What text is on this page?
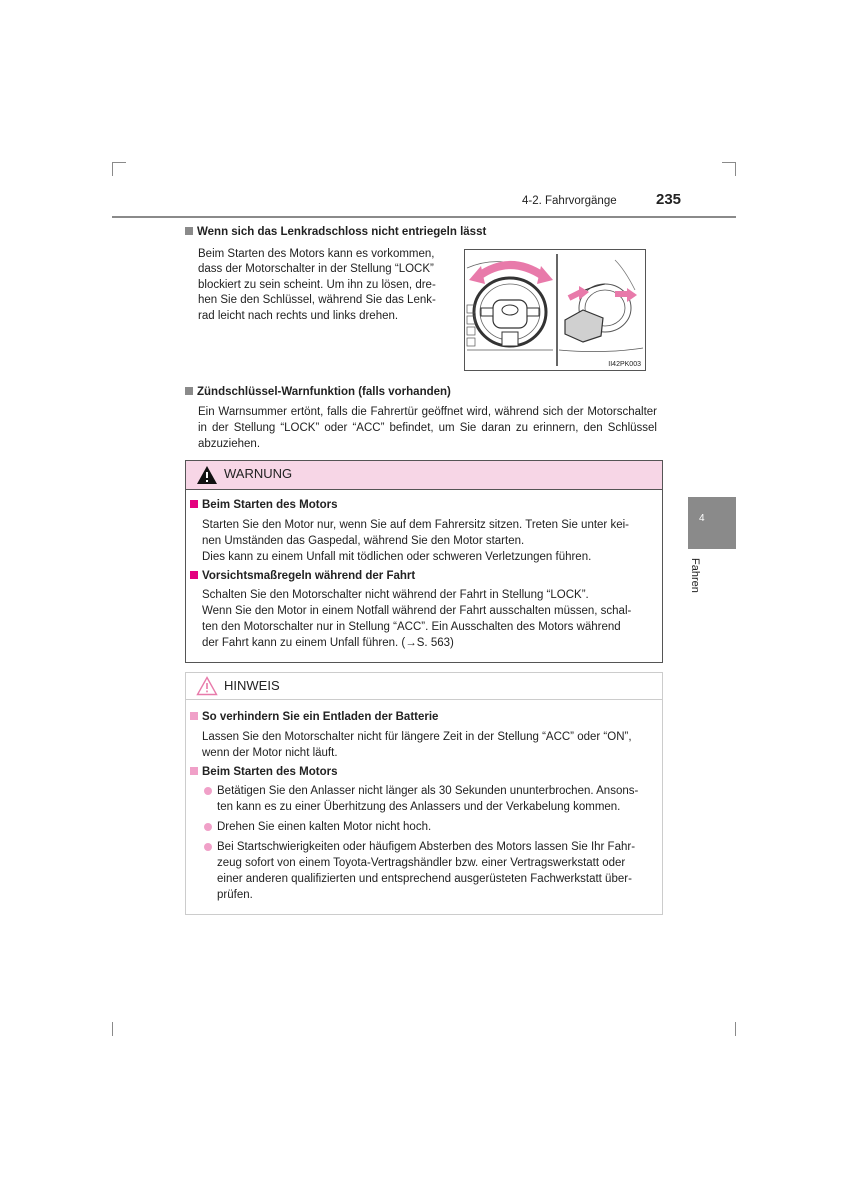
4-2. Fahrvorgänge	235
4
Fahren
Wenn sich das Lenkradschloss nicht entriegeln lässt
Beim Starten des Motors kann es vorkommen,
dass der Motorschalter in der Stellung “LOCK”
blockiert zu sein scheint. Um ihn zu lösen, dre-
hen Sie den Schlüssel, während Sie das Lenk-
rad leicht nach rechts und links drehen.
II42PK003
Zündschlüssel-Warnfunktion (falls vorhanden)
Ein Warnsummer ertönt, falls die Fahrertür geöffnet wird, während sich der Motorschalter in der Stellung “LOCK” oder “ACC” befindet, um Sie daran zu erinnern, den Schlüssel abzuziehen.
WARNUNG
Beim Starten des Motors
Starten Sie den Motor nur, wenn Sie auf dem Fahrersitz sitzen. Treten Sie unter kei-
nen Umständen das Gaspedal, während Sie den Motor starten.
Dies kann zu einem Unfall mit tödlichen oder schweren Verletzungen führen.
Vorsichtsmaßregeln während der Fahrt
Schalten Sie den Motorschalter nicht während der Fahrt in Stellung “LOCK”.
Wenn Sie den Motor in einem Notfall während der Fahrt ausschalten müssen, schal-
ten den Motorschalter nur in Stellung “ACC”. Ein Ausschalten des Motors während
der Fahrt kann zu einem Unfall führen. (→S. 563)
HINWEIS
So verhindern Sie ein Entladen der Batterie
Lassen Sie den Motorschalter nicht für längere Zeit in der Stellung “ACC” oder “ON”,
wenn der Motor nicht läuft.
Beim Starten des Motors
Betätigen Sie den Anlasser nicht länger als 30 Sekunden ununterbrochen. Ansons-
ten kann es zu einer Überhitzung des Anlassers und der Verkabelung kommen.
Drehen Sie einen kalten Motor nicht hoch.
Bei Startschwierigkeiten oder häufigem Absterben des Motors lassen Sie Ihr Fahr-
zeug sofort von einem Toyota-Vertragshändler bzw. einer Vertragswerkstatt oder
einer anderen qualifizierten und entsprechend ausgerüsteten Fachwerkstatt über-
prüfen.
